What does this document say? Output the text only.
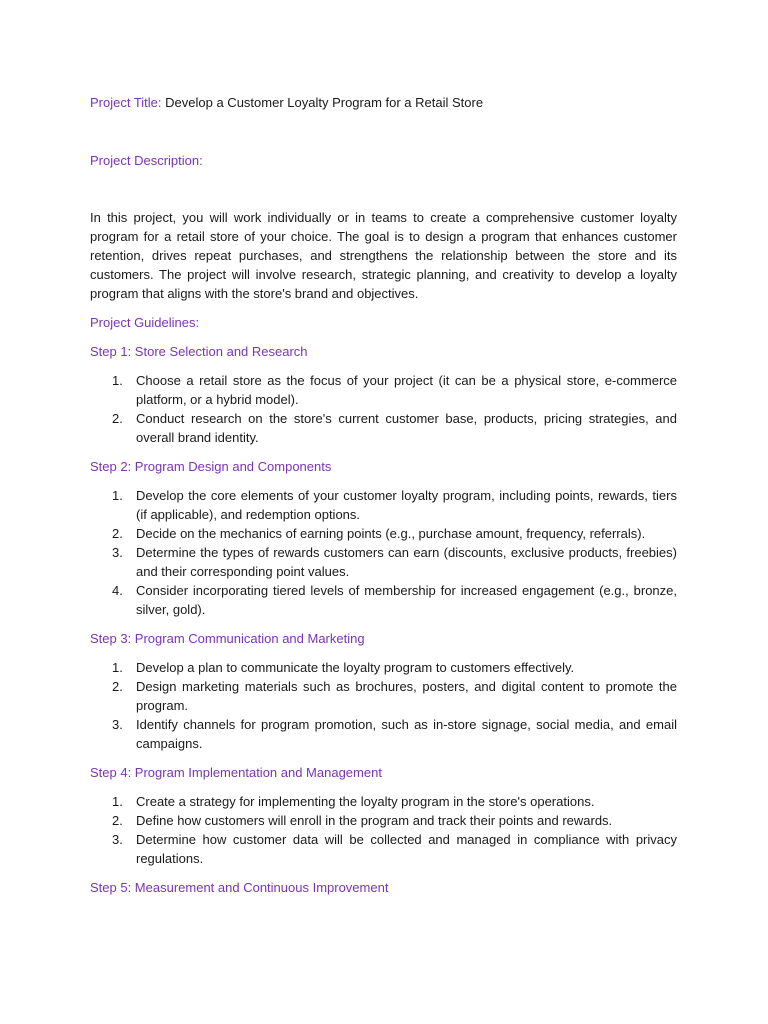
Project Title: Develop a Customer Loyalty Program for a Retail Store
Project Description:

In this project, you will work individually or in teams to create a comprehensive customer loyalty program for a retail store of your choice. The goal is to design a program that enhances customer retention, drives repeat purchases, and strengthens the relationship between the store and its customers. The project will involve research, strategic planning, and creativity to develop a loyalty program that aligns with the store's brand and objectives.

Project Guidelines:
Step 1: Store Selection and Research
1. Choose a retail store as the focus of your project (it can be a physical store, e-commerce platform, or a hybrid model).
2. Conduct research on the store's current customer base, products, pricing strategies, and overall brand identity.
Step 2: Program Design and Components
1. Develop the core elements of your customer loyalty program, including points, rewards, tiers (if applicable), and redemption options.
2. Decide on the mechanics of earning points (e.g., purchase amount, frequency, referrals).
3. Determine the types of rewards customers can earn (discounts, exclusive products, freebies) and their corresponding point values.
4. Consider incorporating tiered levels of membership for increased engagement (e.g., bronze, silver, gold).
Step 3: Program Communication and Marketing
1. Develop a plan to communicate the loyalty program to customers effectively.
2. Design marketing materials such as brochures, posters, and digital content to promote the program.
3. Identify channels for program promotion, such as in-store signage, social media, and email campaigns.
Step 4: Program Implementation and Management
1. Create a strategy for implementing the loyalty program in the store's operations.
2. Define how customers will enroll in the program and track their points and rewards.
3. Determine how customer data will be collected and managed in compliance with privacy regulations.
Step 5: Measurement and Continuous Improvement
